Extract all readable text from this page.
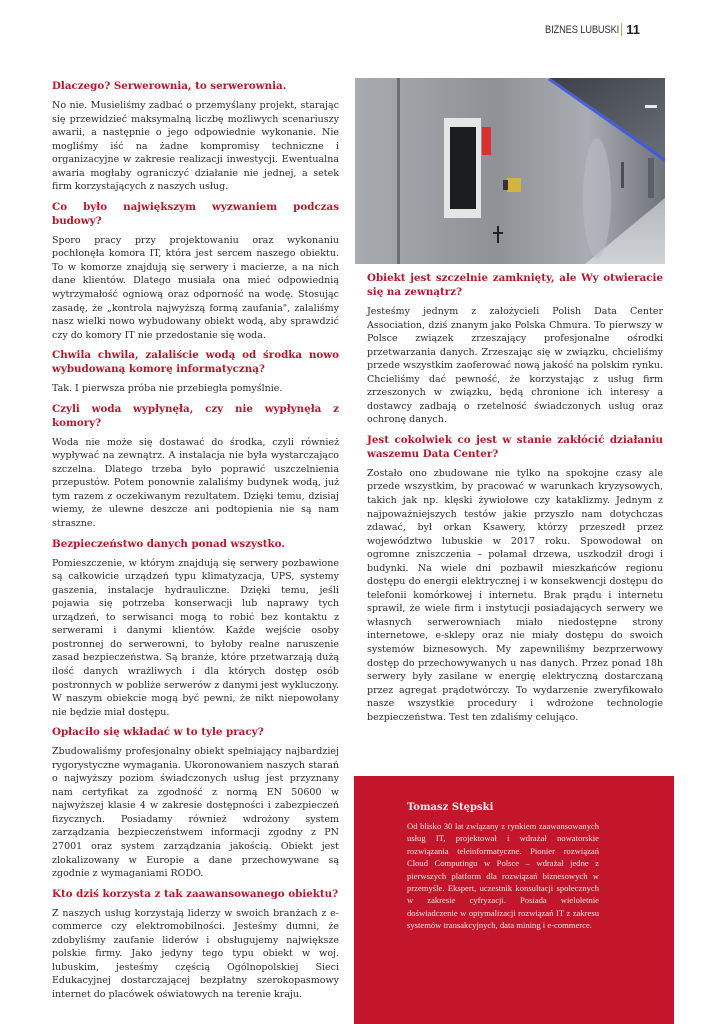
BIZNES LUBUSKI 11

Dlaczego? Serwerownia, to serwerownia.

No nie. Musieliśmy zadbać o przemyślany projekt, starając się przewidzieć maksymalną liczbę możliwych scenariuszy awarii, a następnie o jego odpowiednie wykonanie. Nie mogliśmy iść na żadne kompromisy techniczne i organizacyjne w zakresie realizacji inwestycji. Ewentualna awaria mogłaby ograniczyć działanie nie jednej, a setek firm korzystających z naszych usług.

Co było największym wyzwaniem podczas budowy?

Sporo pracy przy projektowaniu oraz wykonaniu pochłonęła komora IT, która jest sercem naszego obiektu. To w komorze znajdują się serwery i macierze, a na nich dane klientów. Dlatego musiała ona mieć odpowiednią wytrzymałość ogniową oraz odporność na wodę. Stosując zasadę, że „kontrola najwyższą formą zaufania", zalaliśmy nasz wielki nowo wybudowany obiekt wodą, aby sprawdzić czy do komory IT nie przedostanie się woda.

Chwila chwila, zalaliście wodą od środka nowo wybudowaną komorę informatyczną?

Tak. I pierwsza próba nie przebiegła pomyślnie.

Czyli woda wypłynęła, czy nie wypłynęła z komory?

Woda nie może się dostawać do środka, czyli również wypływać na zewnątrz. A instalacja nie była wystarczająco szczelna. Dlatego trzeba było poprawić uszczelnienia przepustów. Potem ponownie zalaliśmy budynek wodą, już tym razem z oczekiwanym rezultatem. Dzięki temu, dzisiaj wiemy, że ulewne deszcze ani podtopienia nie są nam straszne.

Bezpieczeństwo danych ponad wszystko.

Pomieszczenie, w którym znajdują się serwery pozbawione są całkowicie urządzeń typu klimatyzacja, UPS, systemy gaszenia, instalacje hydrauliczne. Dzięki temu, jeśli pojawia się potrzeba konserwacji lub naprawy tych urządzeń, to serwisanci mogą to robić bez kontaktu z serwerami i danymi klientów. Każde wejście osoby postronnej do serwerowni, to byłoby realne naruszenie zasad bezpieczeństwa. Są branże, które przetwarzają dużą ilość danych wrażliwych i dla których dostęp osób postronnych w pobliże serwerów z danymi jest wykluczony. W naszym obiekcie mogą być pewni, że nikt niepowołany nie będzie miał dostępu.

Opłaciło się wkładać w to tyle pracy?

Zbudowaliśmy profesjonalny obiekt spełniający najbardziej rygorystyczne wymagania. Ukoronowaniem naszych starań o najwyższy poziom świadczonych usług jest przyznany nam certyfikat za zgodność z normą EN 50600 w najwyższej klasie 4 w zakresie dostępności i zabezpieczeń fizycznych. Posiadamy również wdrożony system zarządzania bezpieczeństwem informacji zgodny z PN 27001 oraz system zarządzania jakością. Obiekt jest zlokalizowany w Europie a dane przechowywane są zgodnie z wymaganiami RODO.

Kto dziś korzysta z tak zaawansowanego obiektu?

Z naszych usług korzystają liderzy w swoich branżach z e-commerce czy elektromobilności. Jesteśmy dumni, że zdobyliśmy zaufanie liderów i obsługujemy największe polskie firmy. Jako jedyny tego typu obiekt w woj. lubuskim, jesteśmy częścią Ogólnopolskiej Sieci Edukacyjnej dostarczającej bezpłatny szerokopasmowy internet do placówek oświatowych na terenie kraju.

Obiekt jest szczelnie zamknięty, ale Wy otwieracie się na zewnątrz?

Jesteśmy jednym z założycieli Polish Data Center Association, dziś znanym jako Polska Chmura. To pierwszy w Polsce związek zrzeszający profesjonalne ośrodki przetwarzania danych. Zrzeszając się w związku, chcieliśmy przede wszystkim zaoferować nową jakość na polskim rynku. Chcieliśmy dać pewność, że korzystając z usług firm zrzeszonych w związku, będą chronione ich interesy a dostawcy zadbają o rzetelność świadczonych usług oraz ochronę danych.

Jest cokolwiek co jest w stanie zakłócić działaniu waszemu Data Center?

Zostało ono zbudowane nie tylko na spokojne czasy ale przede wszystkim, by pracować w warunkach kryzysowych, takich jak np. klęski żywiołowe czy kataklizmy. Jednym z najpoważniejszych testów jakie przyszło nam dotychczas zdawać, był orkan Ksawery, którzy przeszedł przez województwo lubuskie w 2017 roku. Spowodował on ogromne zniszczenia – połamał drzewa, uszkodził drogi i budynki. Na wiele dni pozbawił mieszkańców regionu dostępu do energii elektrycznej i w konsekwencji dostępu do telefonii komórkowej i internetu. Brak prądu i internetu sprawił, że wiele firm i instytucji posiadających serwery we własnych serwerowniach miało niedostępne strony internetowe, e-sklepy oraz nie miały dostępu do swoich systemów biznesowych. My zapewniliśmy bezprzerwowy dostęp do przechowywanych u nas danych. Przez ponad 18h serwery były zasilane w energię elektryczną dostarczaną przez agregat prądotwórczy. To wydarzenie zweryfikowało nasze wszystkie procedury i wdrożone technologie bezpieczeństwa. Test ten zdaliśmy celująco.

Tomasz Stępski

Od blisko 30 lat związany z rynkiem zaawansowanych usług IT, projektował i wdrażał nowatorskie rozwiązania teleinformatyczne. Pionier rozwiązań Cloud Computingu w Polsce – wdrażał jedne z pierwszych platform dla rozwiązań biznesowych w przemyśle. Ekspert, uczestnik konsultacji społecznych w zakresie cyfryzacji. Posiada wieloletnie doświadczenie w optymalizacji rozwiązań IT z zakresu systemów transakcyjnych, data mining i e-commerce.
